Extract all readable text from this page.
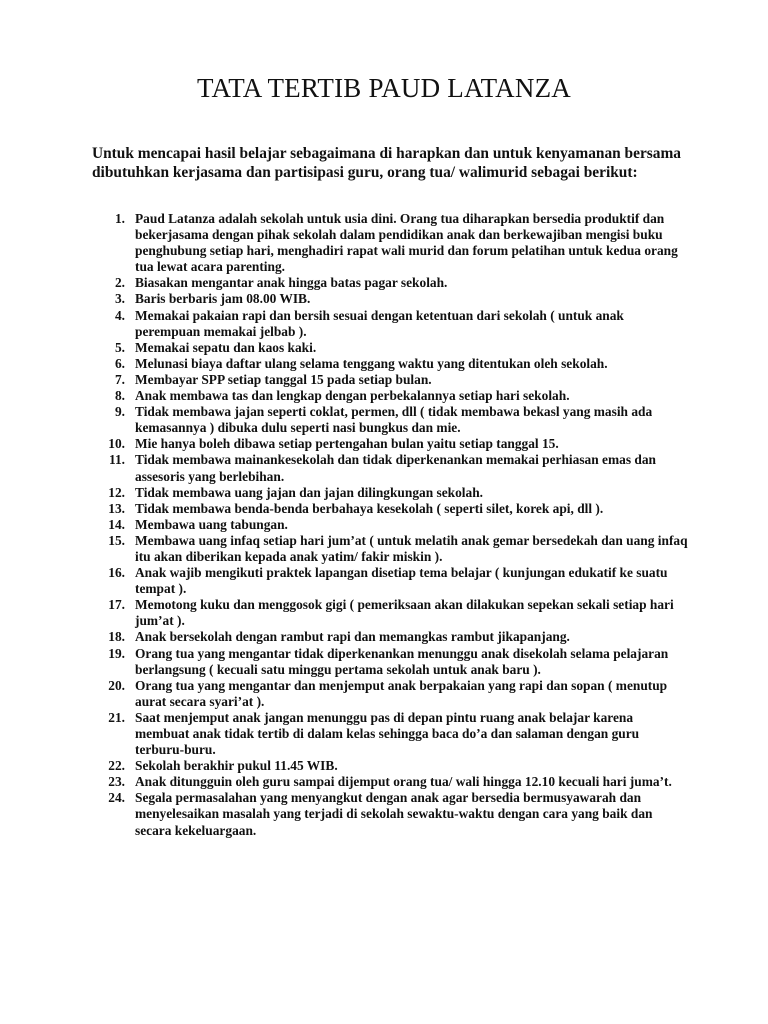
TATA TERTIB PAUD LATANZA

Untuk mencapai hasil belajar sebagaimana di harapkan dan untuk kenyamanan bersama dibutuhkan kerjasama dan partisipasi guru, orang tua/ walimurid sebagai berikut:

1. Paud Latanza adalah sekolah untuk usia dini. Orang tua diharapkan bersedia produktif dan bekerjasama dengan pihak sekolah dalam pendidikan anak dan berkewajiban mengisi buku penghubung setiap hari, menghadiri rapat wali murid dan forum pelatihan untuk kedua orang tua lewat acara parenting.
2. Biasakan mengantar anak hingga batas pagar sekolah.
3. Baris berbaris jam 08.00 WIB.
4. Memakai pakaian rapi dan bersih sesuai dengan ketentuan dari sekolah ( untuk anak perempuan memakai jelbab ).
5. Memakai sepatu dan kaos kaki.
6. Melunasi biaya daftar ulang selama tenggang waktu yang ditentukan oleh sekolah.
7. Membayar SPP setiap tanggal 15 pada setiap bulan.
8. Anak membawa tas dan lengkap dengan perbekalannya setiap hari sekolah.
9. Tidak membawa jajan seperti coklat, permen, dll ( tidak membawa bekasl yang masih ada kemasannya ) dibuka dulu seperti nasi bungkus dan mie.
10. Mie hanya boleh dibawa setiap pertengahan bulan yaitu setiap tanggal 15.
11. Tidak membawa mainankesekolah dan tidak diperkenankan memakai perhiasan emas dan assesoris yang berlebihan.
12. Tidak membawa uang jajan dan jajan dilingkungan sekolah.
13. Tidak membawa benda-benda berbahaya kesekolah ( seperti silet, korek api, dll ).
14. Membawa uang tabungan.
15. Membawa uang infaq setiap hari jum’at ( untuk melatih anak gemar bersedekah dan uang infaq itu akan diberikan kepada anak yatim/ fakir miskin ).
16. Anak wajib mengikuti praktek lapangan disetiap tema belajar ( kunjungan edukatif ke suatu tempat ).
17. Memotong kuku dan menggosok gigi ( pemeriksaan akan dilakukan sepekan sekali setiap hari jum’at ).
18. Anak bersekolah dengan rambut rapi dan memangkas rambut jikapanjang.
19. Orang tua yang mengantar tidak diperkenankan menunggu anak disekolah selama pelajaran berlangsung ( kecuali satu minggu pertama sekolah untuk anak baru ).
20. Orang tua yang mengantar dan menjemput anak berpakaian yang rapi dan sopan ( menutup aurat secara syari’at ).
21. Saat menjemput anak jangan menunggu pas di depan pintu ruang anak belajar karena membuat anak tidak tertib di dalam kelas sehingga baca do’a dan salaman dengan guru terburu-buru.
22. Sekolah berakhir pukul 11.45 WIB.
23. Anak ditungguin oleh guru sampai dijemput orang tua/ wali hingga 12.10 kecuali hari juma’t.
24. Segala permasalahan yang menyangkut dengan anak agar bersedia bermusyawarah dan menyelesaikan masalah yang terjadi di sekolah sewaktu-waktu dengan cara yang baik dan secara kekeluargaan.
